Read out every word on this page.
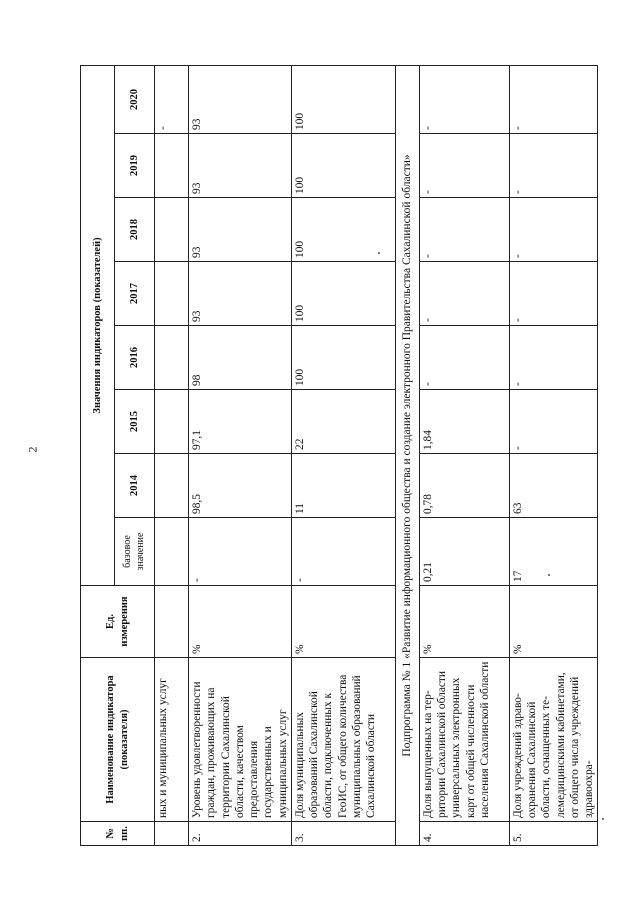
2
№ пп.	Наименование индикатора (показателя)	Ед. измерения	Значения индикаторов (показателей)							
			базовое значение	2014	2015	2016	2017	2018	2019	2020
	ных и муниципальных услуг									-
2.	Уровень удовлетворенности граждан, проживающих на территории Сахалинской области, качеством предоставления государственных и муниципальных услуг	%	-	98,5	97,1	98	93	93	93	93
3.	Доля муниципальных образований Сахалинской области, подключенных к ГеоИС, от общего количества муниципальных образований Сахалинской области	%	-	11	22	100	100	100	100	100
Подпрограмма № 1 «Развитие информационного общества и создание электронного Правительства Сахалинской области»										
4.	Доля выпущенных на территории Сахалинской области универсальных электронных карт от общей численности населения Сахалинской области	%	0,21	0,78	1,84	-	-	-	-	-
5.	Доля учреждений здравоохранения Сахалинской области, оснащенных телемедицинскими кабинетами, от общего числа учреждений здравоохра-	%	17	63	-	-	-	-	-	-
